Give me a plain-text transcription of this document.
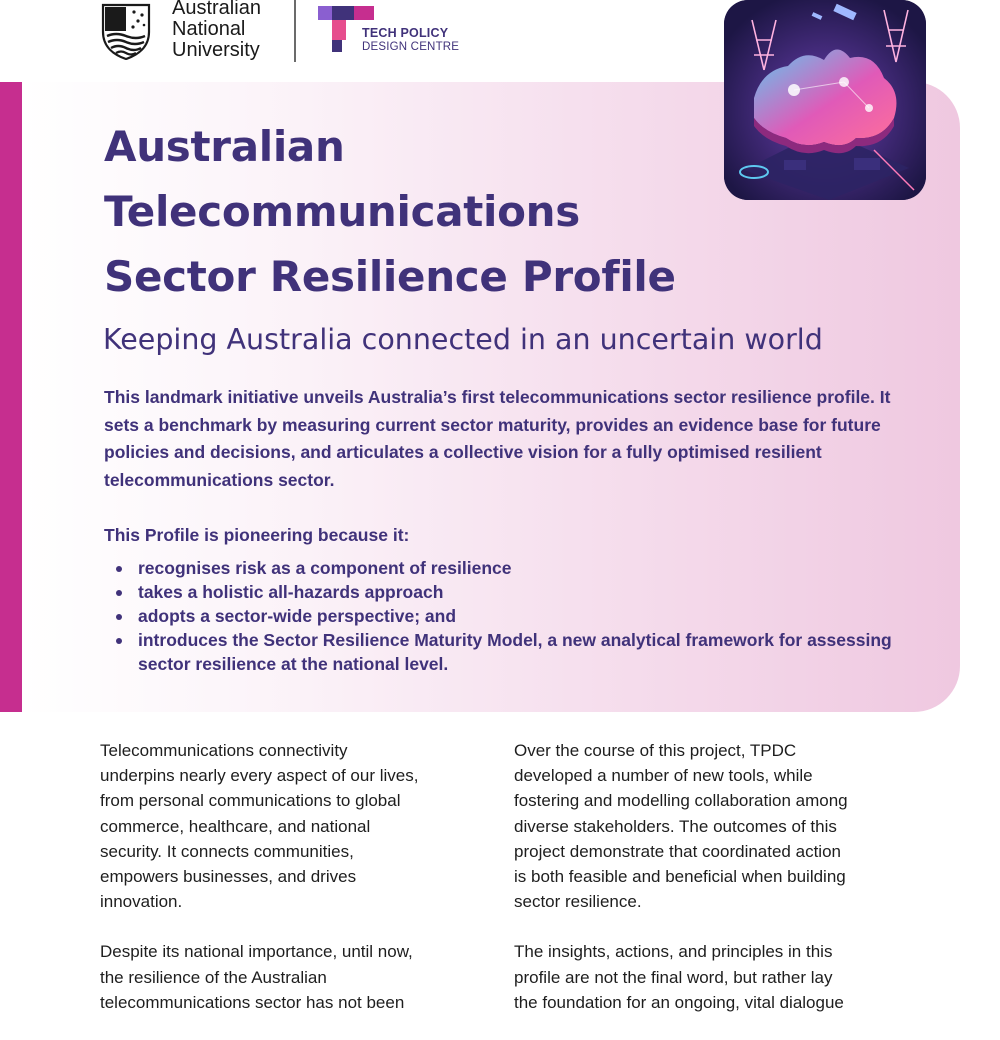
Australian
National
University
TECH POLICY
DESIGN CENTRE
Australian
Telecommunications
Sector Resilience Profile
Keeping Australia connected in an uncertain world

This landmark initiative unveils Australia’s first telecommunications sector resilience profile. It sets a benchmark by measuring current sector maturity, provides an evidence base for future policies and decisions, and articulates a collective vision for a fully optimised resilient telecommunications sector.

This Profile is pioneering because it:

recognises risk as a component of resilience
takes a holistic all-hazards approach
adopts a sector-wide perspective; and
introduces the Sector Resilience Maturity Model, a new analytical framework for assessing sector resilience at the national level.

Telecommunications connectivity
underpins nearly every aspect of our lives,
from personal communications to global
commerce, healthcare, and national
security. It connects communities,
empowers businesses, and drives
innovation.

Despite its national importance, until now,
the resilience of the Australian
telecommunications sector has not been

Over the course of this project, TPDC
developed a number of new tools, while
fostering and modelling collaboration among
diverse stakeholders. The outcomes of this
project demonstrate that coordinated action
is both feasible and beneficial when building
sector resilience.

The insights, actions, and principles in this
profile are not the final word, but rather lay
the foundation for an ongoing, vital dialogue
